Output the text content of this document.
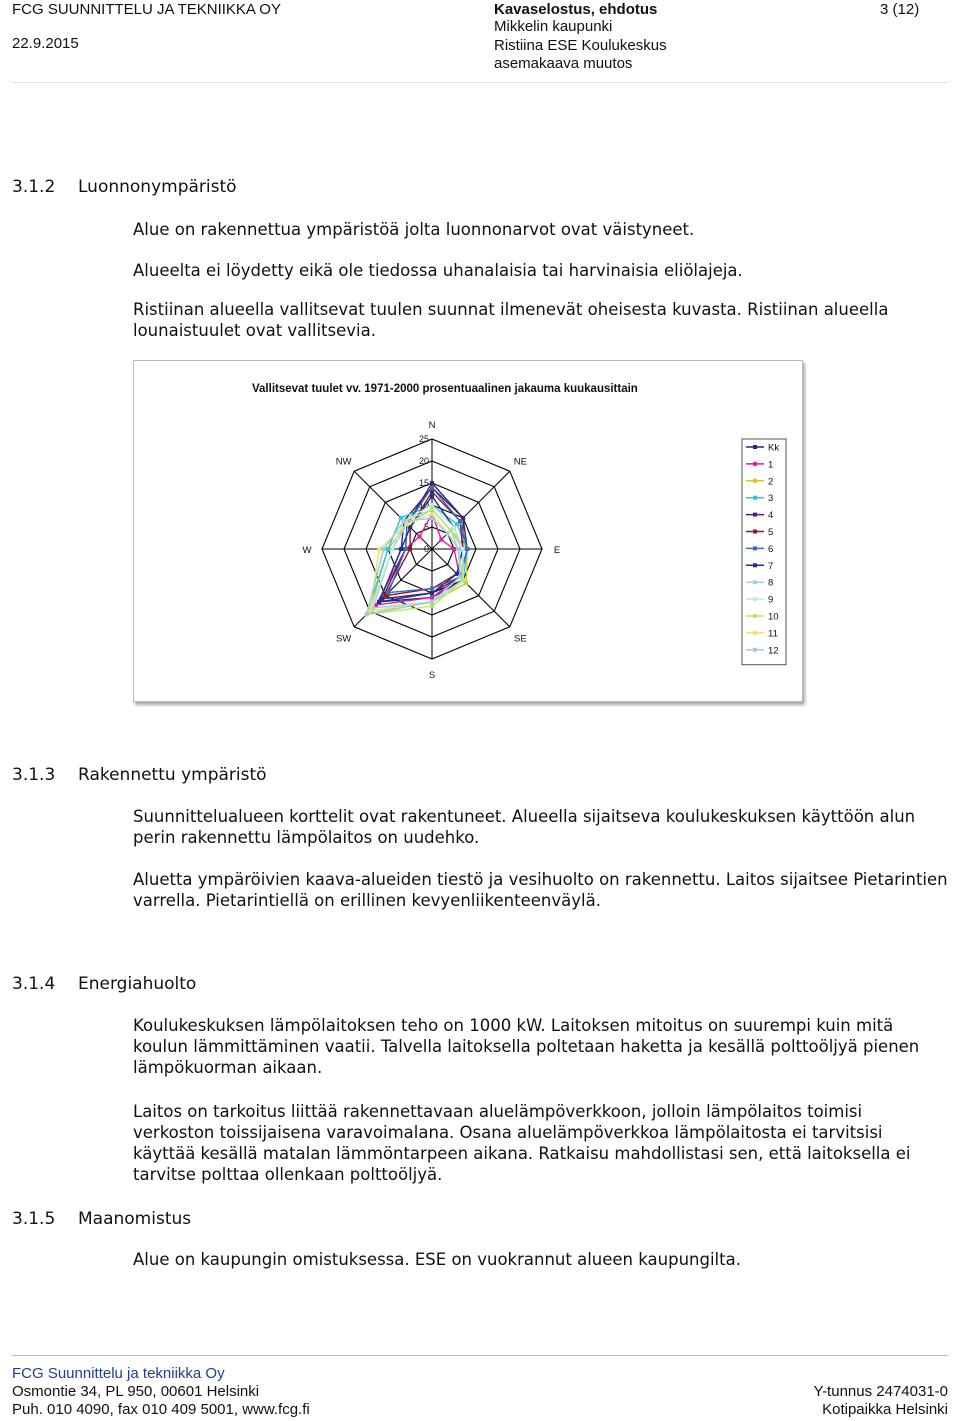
FCG SUUNNITTELU JA TEKNIIKKA OY
22.9.2015
Kavaselostus, ehdotus
Mikkelin kaupunki
Ristiina ESE Koulukeskus
asemakaava muutos
3 (12)
3.1.2 Luonnonympäristö

Alue on rakennettua ympäristöä jolta luonnonarvot ovat väistyneet.

Alueelta ei löydetty eikä ole tiedossa uhanalaisia tai harvinaisia eliölajeja.

Ristiinan alueella vallitsevat tuulen suunnat ilmenevät oheisesta kuvasta. Ristiinan alueella lounaistuulet ovat vallitsevia.

Vallitsevat tuulet vv. 1971-2000 prosentuaalinen jakauma kuukausittain
0
5
10
15
20
25
N
NE
E
SE
S
SW
W
NW
Kk
1
2
3
4
5
6
7
8
9
10
11
12
3.1.3 Rakennettu ympäristö

Suunnittelualueen korttelit ovat rakentuneet. Alueella sijaitseva koulukeskuksen käyttöön alun perin rakennettu lämpölaitos on uudehko.

Aluetta ympäröivien kaava-alueiden tiestö ja vesihuolto on rakennettu. Laitos sijaitsee Pietarintien varrella. Pietarintiellä on erillinen kevyenliikenteenväylä.

3.1.4 Energiahuolto

Koulukeskuksen lämpölaitoksen teho on 1000 kW. Laitoksen mitoitus on suurempi kuin mitä koulun lämmittäminen vaatii. Talvella laitoksella poltetaan haketta ja kesällä polttoöljyä pienen lämpökuorman aikaan.

Laitos on tarkoitus liittää rakennettavaan aluelämpöverkkoon, jolloin lämpölaitos toimisi verkoston toissijaisena varavoimalana. Osana aluelämpöverkkoa lämpölaitosta ei tarvitsisi käyttää kesällä matalan lämmöntarpeen aikana. Ratkaisu mahdollistasi sen, että laitoksella ei tarvitse polttaa ollenkaan polttoöljyä.

3.1.5 Maanomistus

Alue on kaupungin omistuksessa. ESE on vuokrannut alueen kaupungilta.

FCG Suunnittelu ja tekniikka Oy
Osmontie 34, PL 950, 00601 Helsinki
Puh. 010 4090, fax 010 409 5001, www.fcg.fi
Y-tunnus 2474031-0
Kotipaikka Helsinki
